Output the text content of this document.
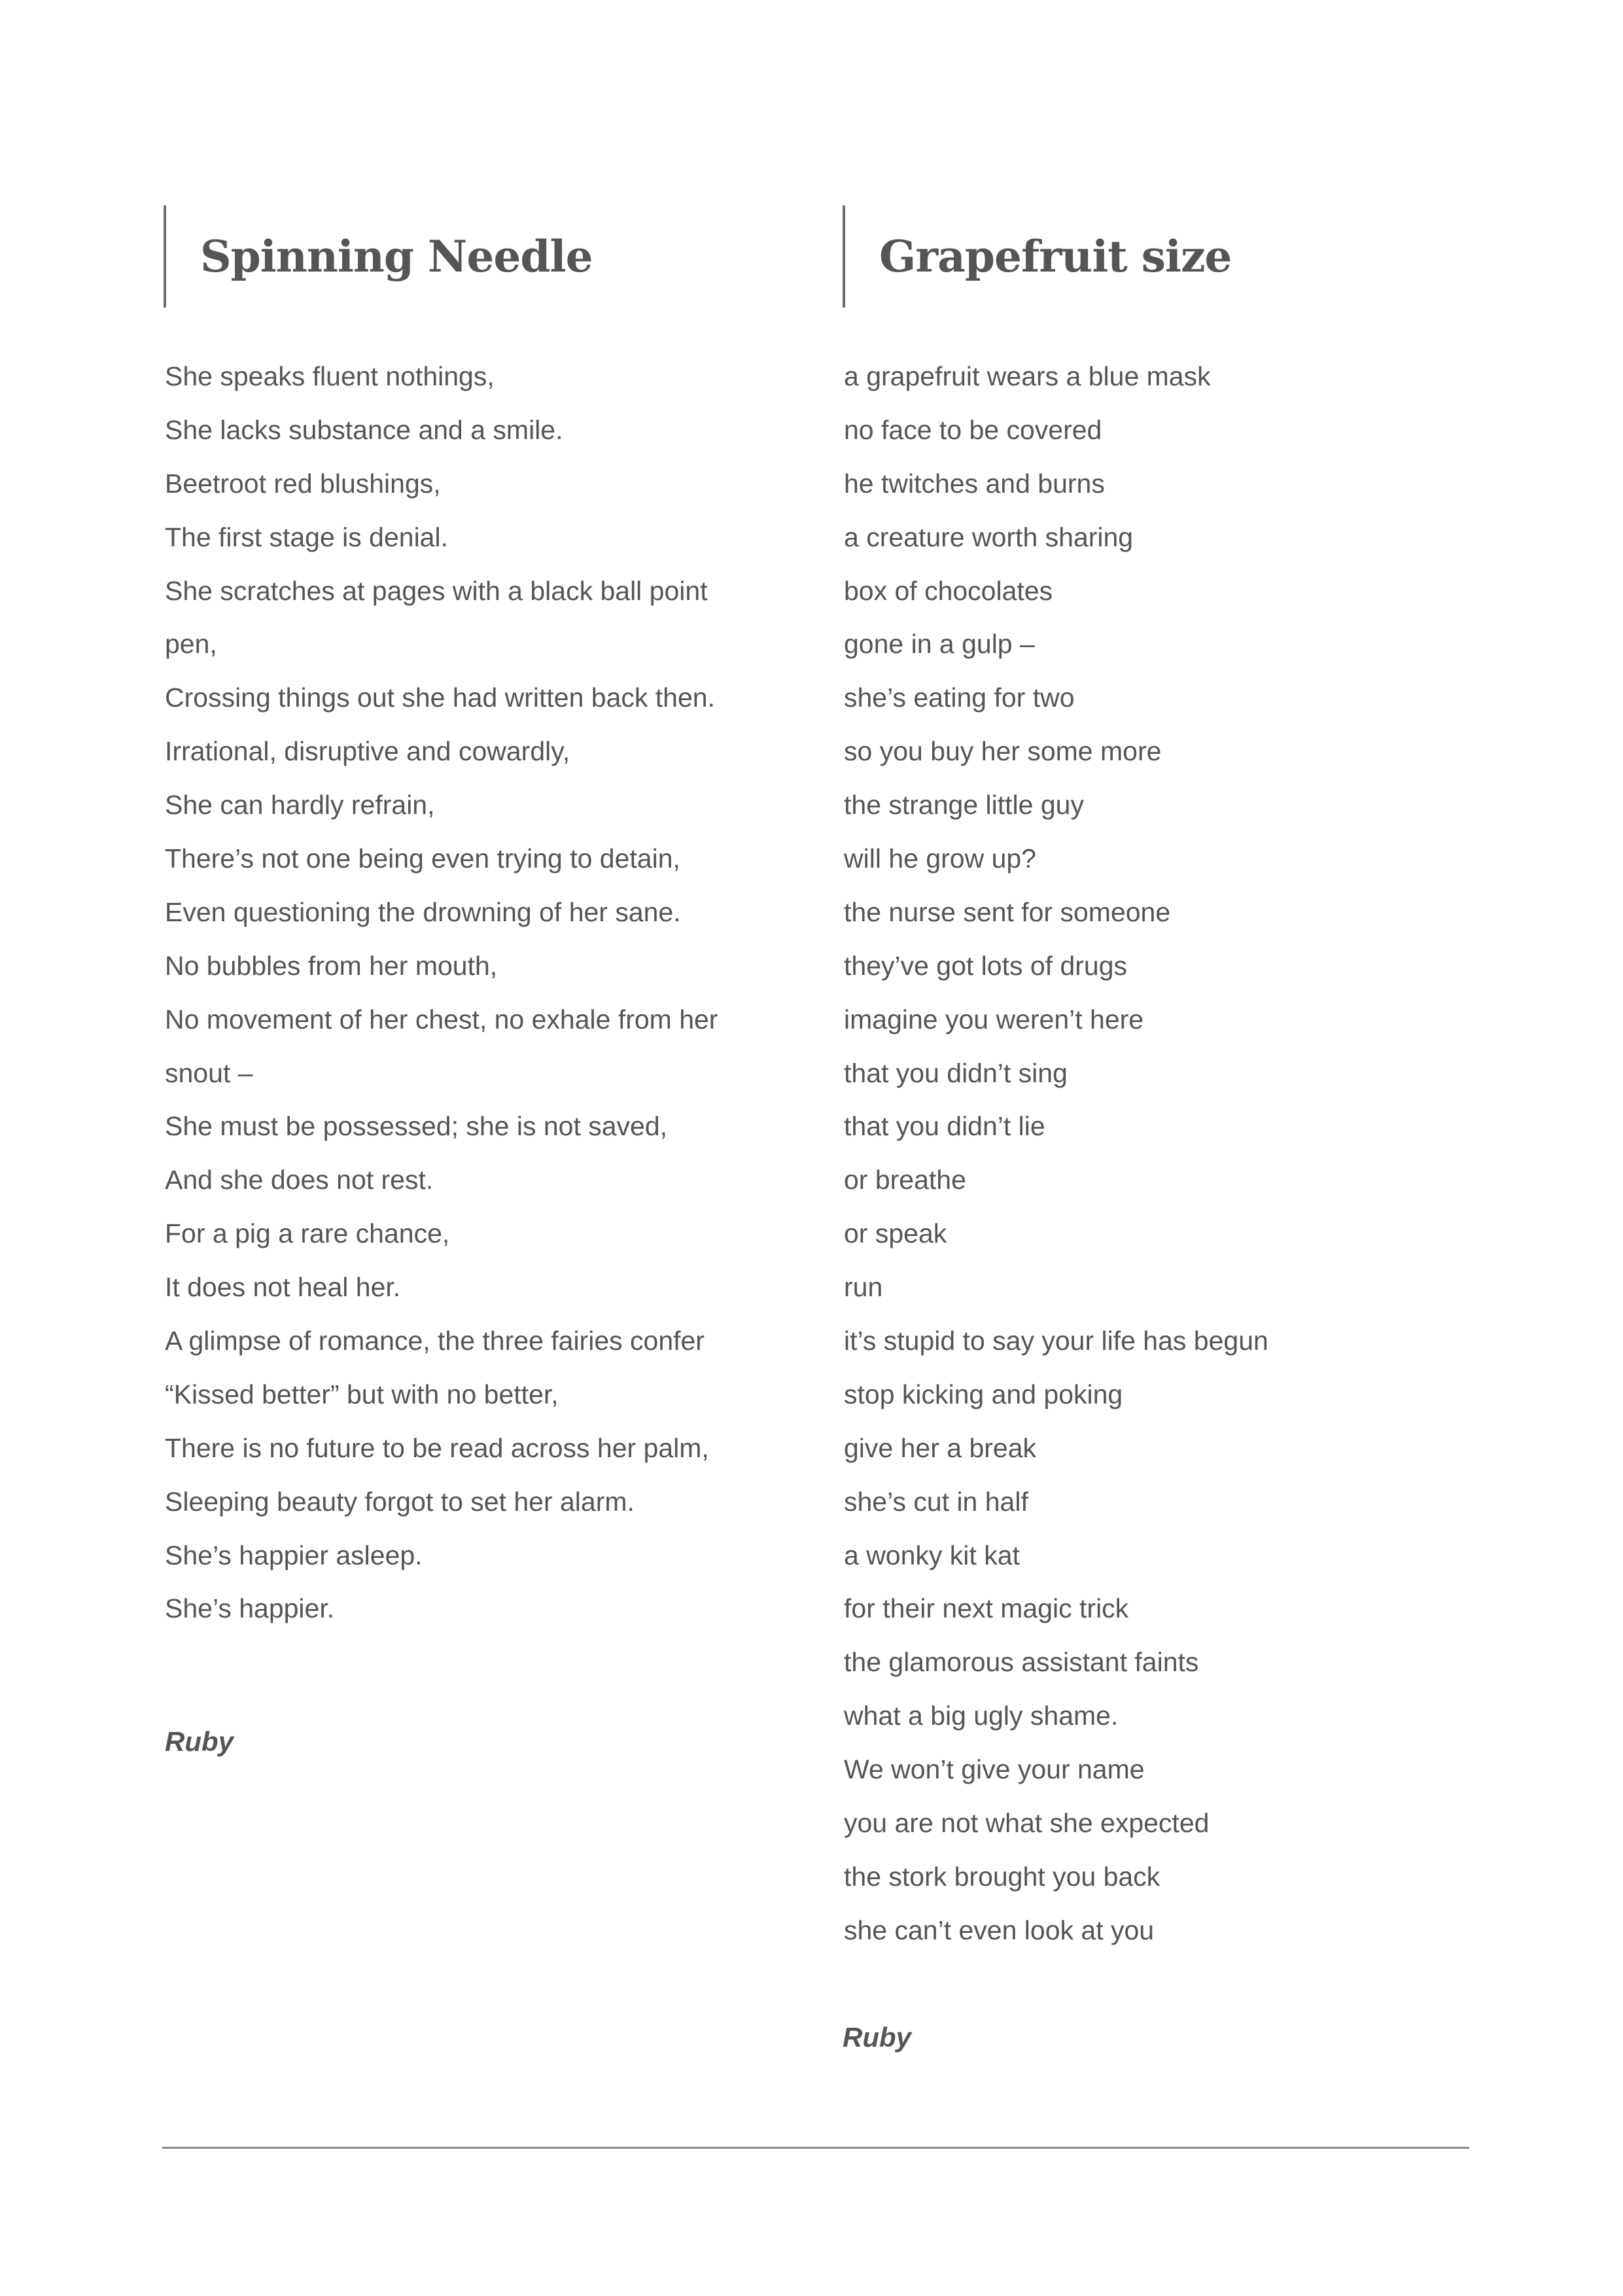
Spinning Needle
She speaks fluent nothings,
She lacks substance and a smile.
Beetroot red blushings,
The first stage is denial.
She scratches at pages with a black ball point
pen,
Crossing things out she had written back then.
Irrational, disruptive and cowardly,
She can hardly refrain,
There’s not one being even trying to detain,
Even questioning the drowning of her sane.
No bubbles from her mouth,
No movement of her chest, no exhale from her
snout –
She must be possessed; she is not saved,
And she does not rest.
For a pig a rare chance,
It does not heal her.
A glimpse of romance, the three fairies confer
“Kissed better” but with no better,
There is no future to be read across her palm,
Sleeping beauty forgot to set her alarm.
She’s happier asleep.
She’s happier.
Ruby
Grapefruit size
a grapefruit wears a blue mask
no face to be covered
he twitches and burns
a creature worth sharing
box of chocolates
gone in a gulp –
she’s eating for two
so you buy her some more
the strange little guy
will he grow up?
the nurse sent for someone
they’ve got lots of drugs
imagine you weren’t here
that you didn’t sing
that you didn’t lie
or breathe
or speak
run
it’s stupid to say your life has begun
stop kicking and poking
give her a break
she’s cut in half
a wonky kit kat
for their next magic trick
the glamorous assistant faints
what a big ugly shame.
We won’t give your name
you are not what she expected
the stork brought you back
she can’t even look at you
Ruby
